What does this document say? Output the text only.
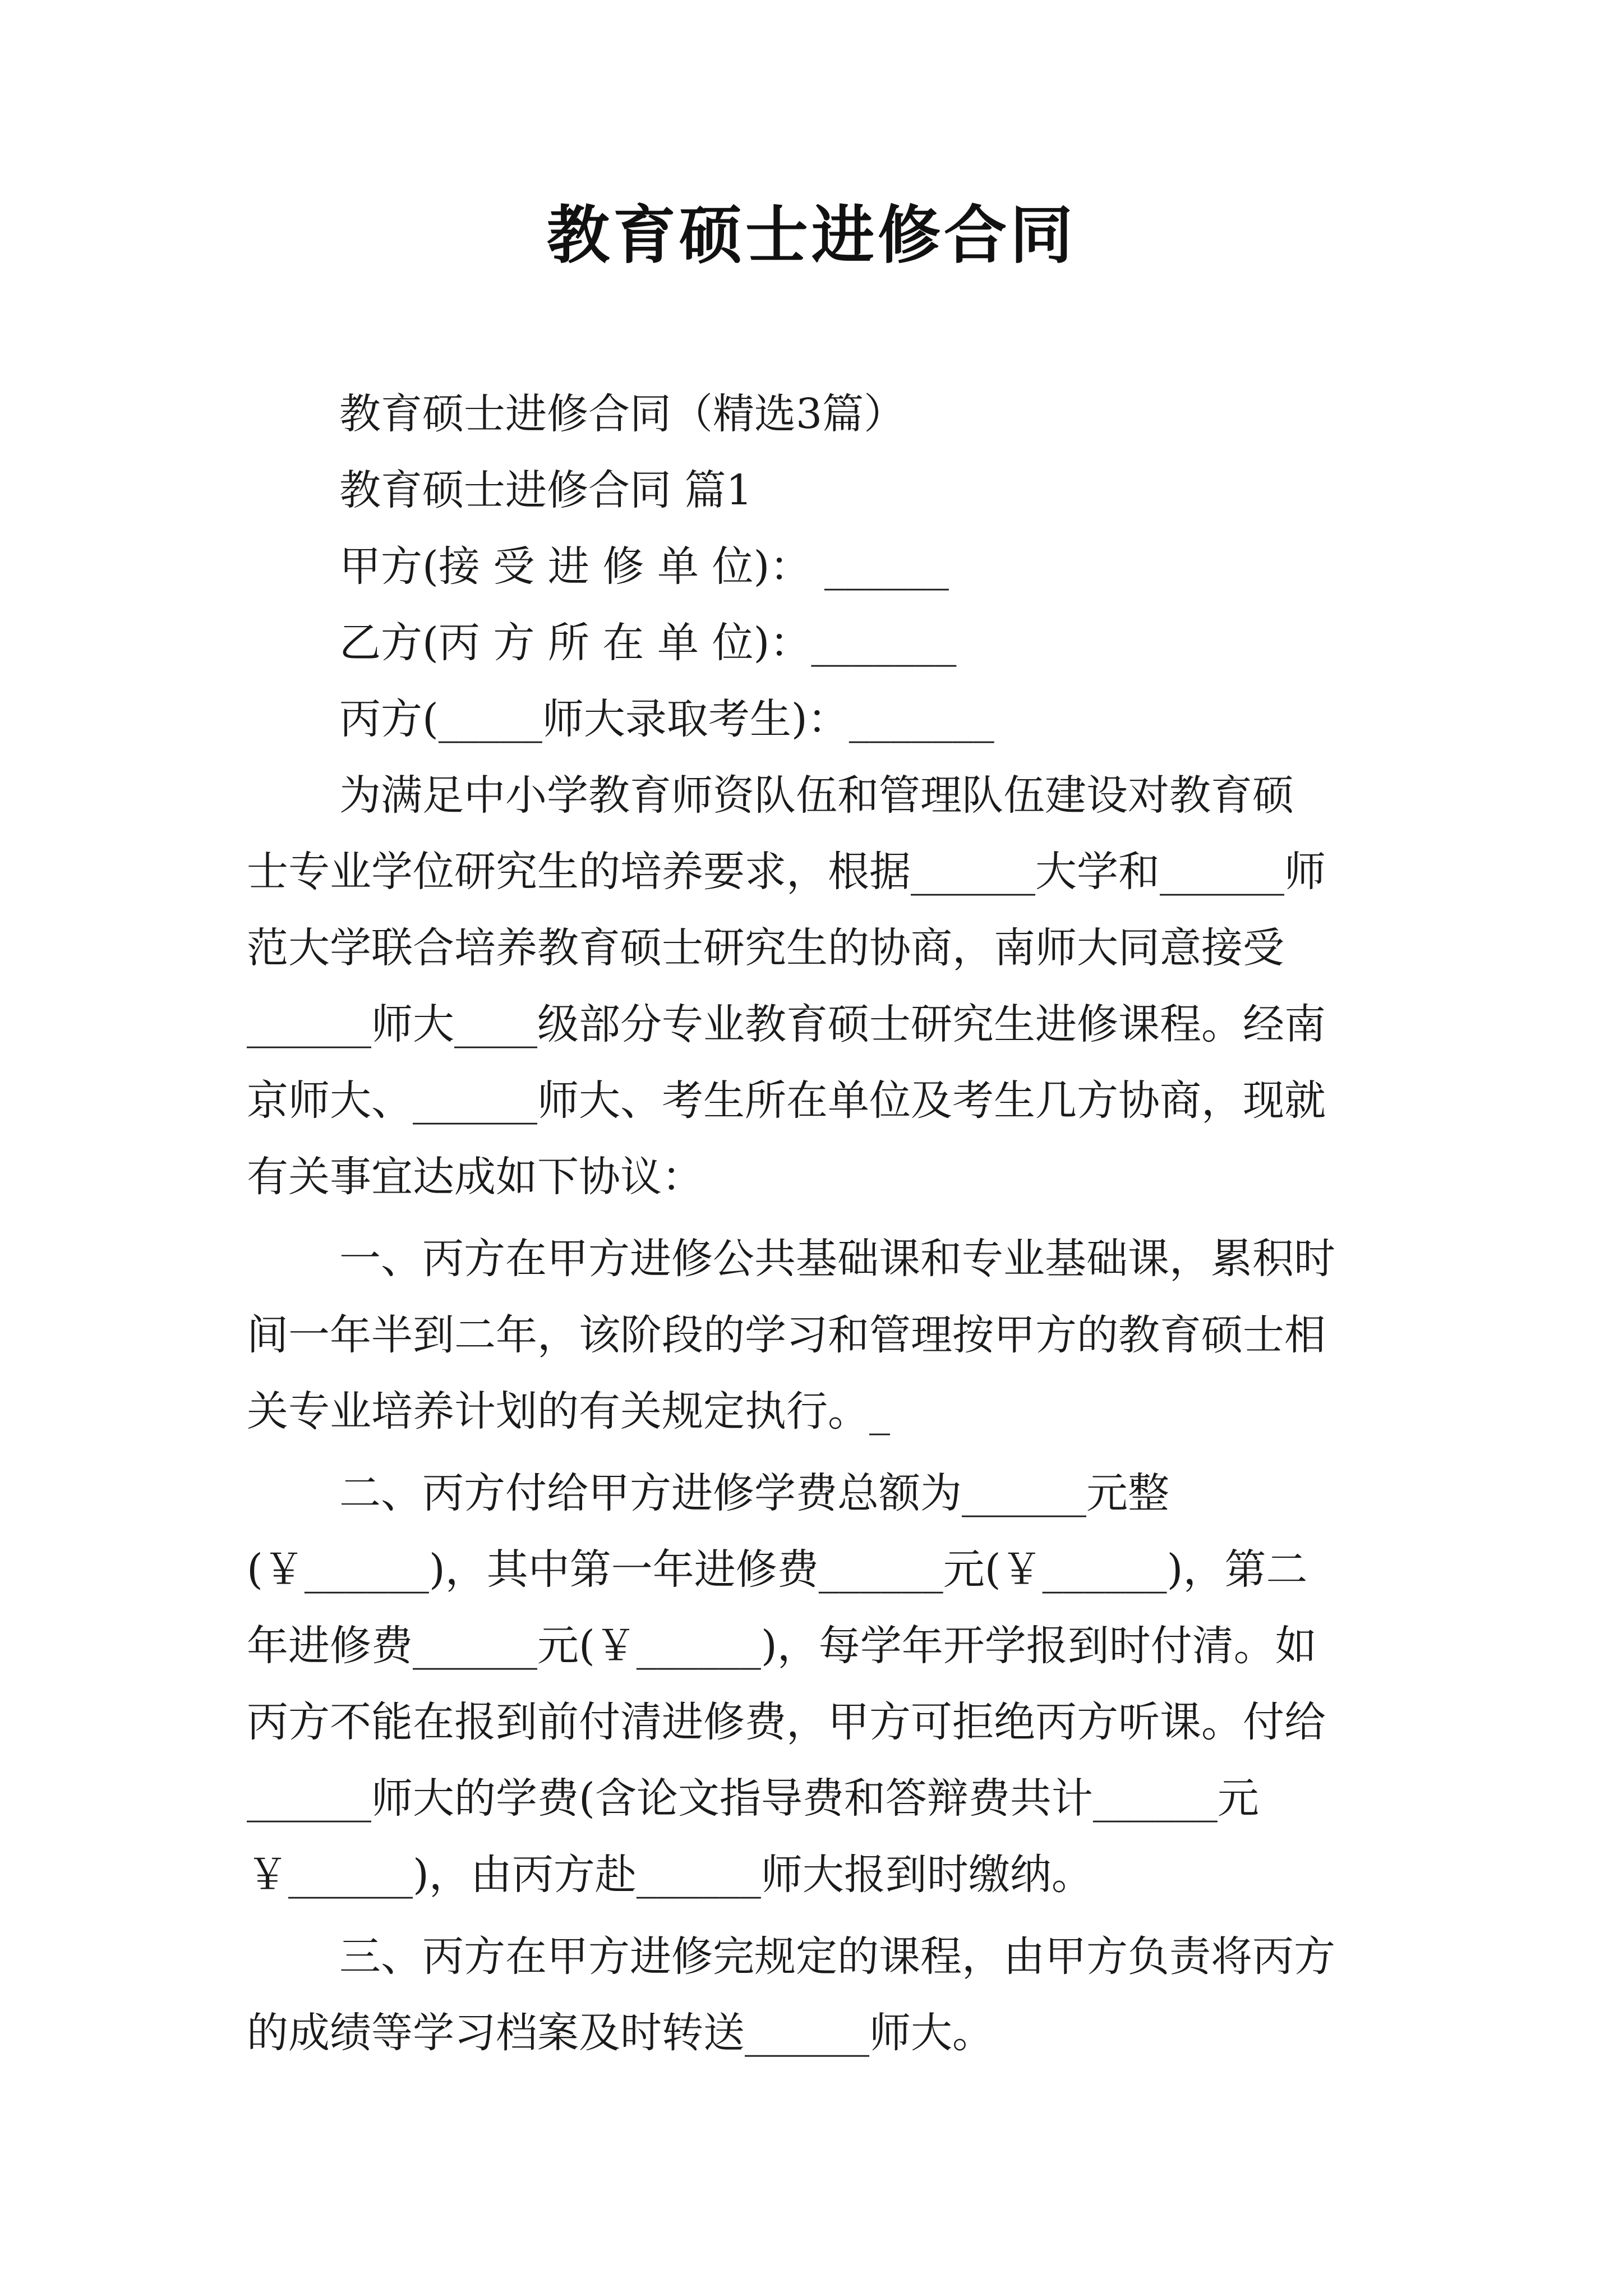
教育硕士进修合同
教育硕士进修合同（精选3篇）
教育硕士进修合同 篇1
甲方(接 受 进 修 单 位)： ______
乙方(丙 方 所 在 单 位)：_______
丙方(_____师大录取考生)：_______
为满足中小学教育师资队伍和管理队伍建设对教育硕
士专业学位研究生的培养要求，根据______大学和______师
范大学联合培养教育硕士研究生的协商，南师大同意接受
______师大____级部分专业教育硕士研究生进修课程。经南
京师大、______师大、考生所在单位及考生几方协商，现就
有关事宜达成如下协议：
一、丙方在甲方进修公共基础课和专业基础课，累积时
间一年半到二年，该阶段的学习和管理按甲方的教育硕士相
关专业培养计划的有关规定执行。_
二、丙方付给甲方进修学费总额为______元整
(￥______)，其中第一年进修费______元(￥______)，第二
年进修费______元(￥______)，每学年开学报到时付清。如
丙方不能在报到前付清进修费，甲方可拒绝丙方听课。付给
______师大的学费(含论文指导费和答辩费共计______元
￥______)，由丙方赴______师大报到时缴纳。
三、丙方在甲方进修完规定的课程，由甲方负责将丙方
的成绩等学习档案及时转送______师大。
